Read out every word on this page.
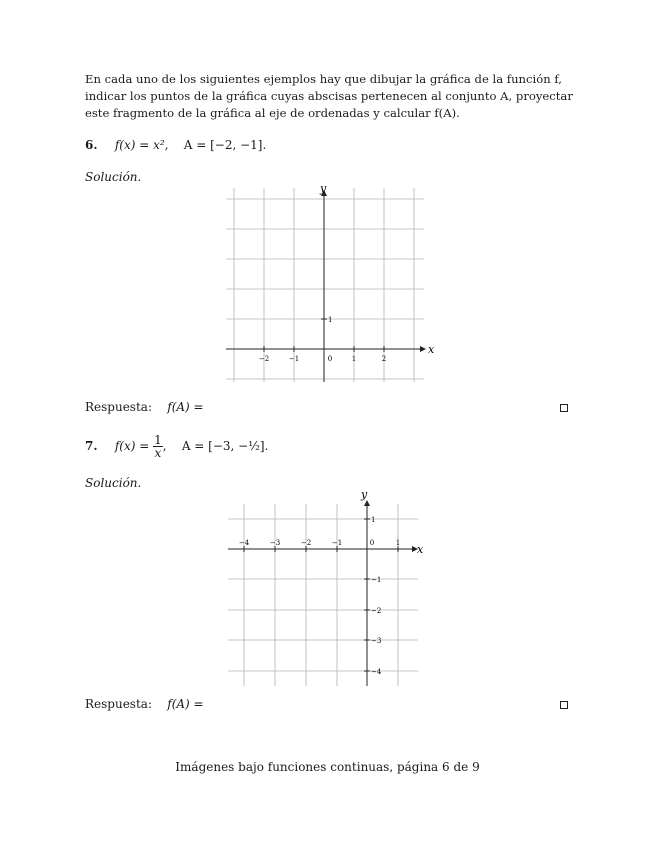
En cada uno de los siguientes ejemplos hay que dibujar la gráfica de la función f, indicar los puntos de la gráfica cuyas abscisas pertenecen al conjunto A, proyectar este fragmento de la gráfica al eje de ordenadas y calcular f(A).
6. f(x) = x², A = [−2, −1].
Solución.
x
y
−2	−1	0	1	2
1
Respuesta: f(A) =
7. $f(x) = \frac{1}{x}$ ,    A = [−3, −½].
Solución.
x
y
−4	−3	−2	−1	0	1
1
−1
−2
−3
−4
Respuesta: f(A) =
Imágenes bajo funciones continuas, página 6 de 9
